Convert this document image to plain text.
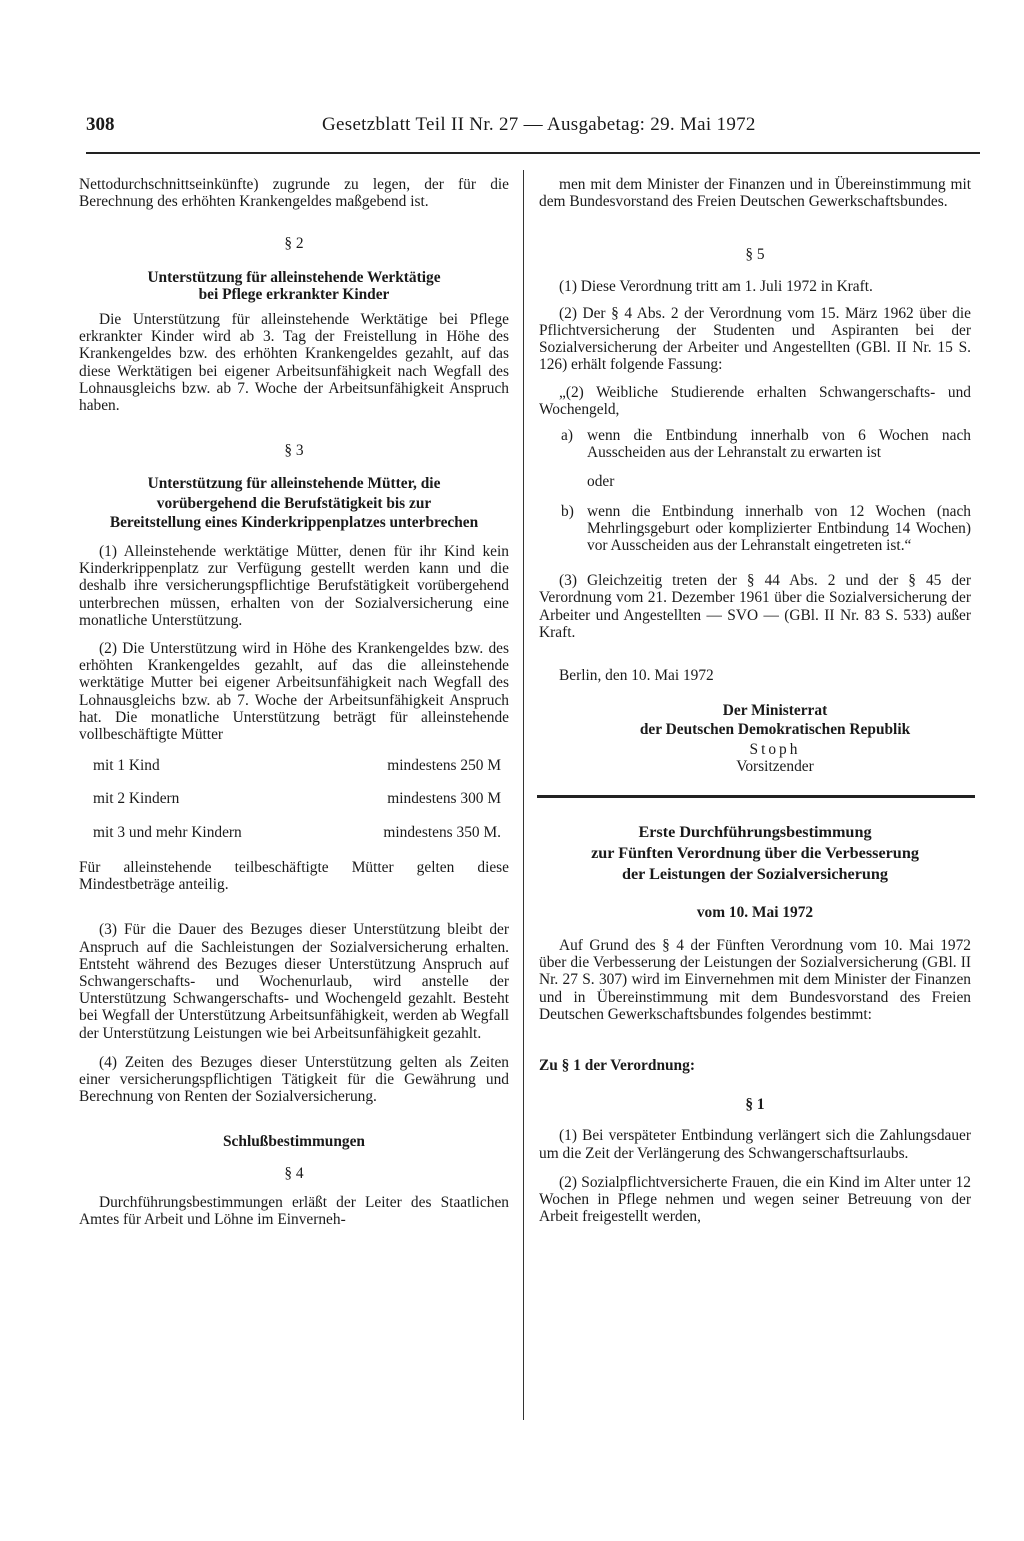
308	Gesetzblatt Teil II Nr. 27 — Ausgabetag: 29. Mai 1972

Nettodurchschnittseinkünfte) zugrunde zu legen, der für die Berechnung des erhöhten Krankengeldes maßgebend ist.

§ 2

Unterstützung für alleinstehende Werktätige

bei Pflege erkrankter Kinder

Die Unterstützung für alleinstehende Werktätige bei Pflege erkrankter Kinder wird ab 3. Tag der Freistellung in Höhe des Krankengeldes bzw. des erhöhten Krankengeldes gezahlt, auf das diese Werktätigen bei eigener Arbeitsunfähigkeit nach Wegfall des Lohnausgleichs bzw. ab 7. Woche der Arbeitsunfähigkeit Anspruch haben.

§ 3

Unterstützung für alleinstehende Mütter, die

vorübergehend die Berufstätigkeit bis zur

Bereitstellung eines Kinderkrippenplatzes unterbrechen

(1) Alleinstehende werktätige Mütter, denen für ihr Kind kein Kinderkrippenplatz zur Verfügung gestellt werden kann und die deshalb ihre versicherungspflichtige Berufstätigkeit vorübergehend unterbrechen müssen, erhalten von der Sozialversicherung eine monatliche Unterstützung.

(2) Die Unterstützung wird in Höhe des Krankengeldes bzw. des erhöhten Krankengeldes gezahlt, auf das die alleinstehende werktätige Mutter bei eigener Arbeitsunfähigkeit nach Wegfall des Lohnausgleichs bzw. ab 7. Woche der Arbeitsunfähigkeit Anspruch hat. Die monatliche Unterstützung beträgt für alleinstehende vollbeschäftigte Mütter

mit 1 Kind	mindestens 250 M
mit 2 Kindern	mindestens 300 M
mit 3 und mehr Kindern	mindestens 350 M.

Für alleinstehende teilbeschäftigte Mütter gelten diese Mindestbeträge anteilig.

(3) Für die Dauer des Bezuges dieser Unterstützung bleibt der Anspruch auf die Sachleistungen der Sozialversicherung erhalten. Entsteht während des Bezuges dieser Unterstützung Anspruch auf Schwangerschafts- und Wochenurlaub, wird anstelle der Unterstützung Schwangerschafts- und Wochengeld gezahlt. Besteht bei Wegfall der Unterstützung Arbeitsunfähigkeit, werden ab Wegfall der Unterstützung Leistungen wie bei Arbeitsunfähigkeit gezahlt.

(4) Zeiten des Bezuges dieser Unterstützung gelten als Zeiten einer versicherungspflichtigen Tätigkeit für die Gewährung und Berechnung von Renten der Sozialversicherung.

Schlußbestimmungen

§ 4

Durchführungsbestimmungen erläßt der Leiter des Staatlichen Amtes für Arbeit und Löhne im Einverneh-

men mit dem Minister der Finanzen und in Übereinstimmung mit dem Bundesvorstand des Freien Deutschen Gewerkschaftsbundes.

§ 5

(1) Diese Verordnung tritt am 1. Juli 1972 in Kraft.

(2) Der § 4 Abs. 2 der Verordnung vom 15. März 1962 über die Pflichtversicherung der Studenten und Aspiranten bei der Sozialversicherung der Arbeiter und Angestellten (GBl. II Nr. 15 S. 126) erhält folgende Fassung:

„(2) Weibliche Studierende erhalten Schwangerschafts- und Wochengeld,

a) wenn die Entbindung innerhalb von 6 Wochen nach Ausscheiden aus der Lehranstalt zu erwarten ist

oder

b) wenn die Entbindung innerhalb von 12 Wochen (nach Mehrlingsgeburt oder komplizierter Entbindung 14 Wochen) vor Ausscheiden aus der Lehranstalt eingetreten ist.“

(3) Gleichzeitig treten der § 44 Abs. 2 und der § 45 der Verordnung vom 21. Dezember 1961 über die Sozialversicherung der Arbeiter und Angestellten — SVO — (GBl. II Nr. 83 S. 533) außer Kraft.

Berlin, den 10. Mai 1972

Der Ministerrat

der Deutschen Demokratischen Republik

Stoph

Vorsitzender

Erste Durchführungsbestimmung

zur Fünften Verordnung über die Verbesserung

der Leistungen der Sozialversicherung

vom 10. Mai 1972

Auf Grund des § 4 der Fünften Verordnung vom 10. Mai 1972 über die Verbesserung der Leistungen der Sozialversicherung (GBl. II Nr. 27 S. 307) wird im Einvernehmen mit dem Minister der Finanzen und in Übereinstimmung mit dem Bundesvorstand des Freien Deutschen Gewerkschaftsbundes folgendes bestimmt:

Zu § 1 der Verordnung:

§ 1

(1) Bei verspäteter Entbindung verlängert sich die Zahlungsdauer um die Zeit der Verlängerung des Schwangerschaftsurlaubs.

(2) Sozialpflichtversicherte Frauen, die ein Kind im Alter unter 12 Wochen in Pflege nehmen und wegen seiner Betreuung von der Arbeit freigestellt werden,
